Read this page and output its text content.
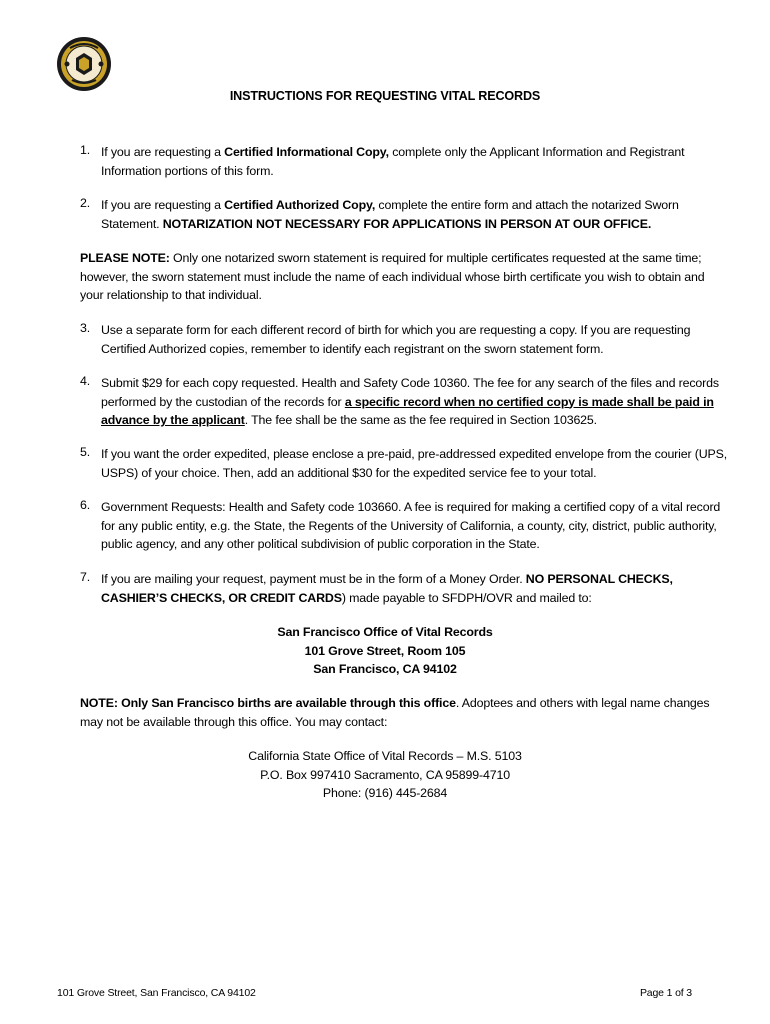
INSTRUCTIONS FOR REQUESTING VITAL RECORDS
1. If you are requesting a Certified Informational Copy, complete only the Applicant Information and Registrant Information portions of this form.
2. If you are requesting a Certified Authorized Copy, complete the entire form and attach the notarized Sworn Statement. NOTARIZATION NOT NECESSARY FOR APPLICATIONS IN PERSON AT OUR OFFICE.
PLEASE NOTE: Only one notarized sworn statement is required for multiple certificates requested at the same time; however, the sworn statement must include the name of each individual whose birth certificate you wish to obtain and your relationship to that individual.
3. Use a separate form for each different record of birth for which you are requesting a copy. If you are requesting Certified Authorized copies, remember to identify each registrant on the sworn statement form.
4. Submit $29 for each copy requested. Health and Safety Code 10360. The fee for any search of the files and records performed by the custodian of the records for a specific record when no certified copy is made shall be paid in advance by the applicant. The fee shall be the same as the fee required in Section 103625.
5. If you want the order expedited, please enclose a pre-paid, pre-addressed expedited envelope from the courier (UPS, USPS) of your choice. Then, add an additional $30 for the expedited service fee to your total.
6. Government Requests: Health and Safety code 103660. A fee is required for making a certified copy of a vital record for any public entity, e.g. the State, the Regents of the University of California, a county, city, district, public authority, public agency, and any other political subdivision of public corporation in the State.
7. If you are mailing your request, payment must be in the form of a Money Order. NO PERSONAL CHECKS, CASHIER’S CHECKS, OR CREDIT CARDS) made payable to SFDPH/OVR and mailed to:
San Francisco Office of Vital Records
101 Grove Street, Room 105
San Francisco, CA 94102
NOTE: Only San Francisco births are available through this office. Adoptees and others with legal name changes may not be available through this office. You may contact:
California State Office of Vital Records – M.S. 5103
P.O. Box 997410 Sacramento, CA 95899-4710
Phone: (916) 445-2684
101 Grove Street, San Francisco, CA 94102	Page 1 of 3
